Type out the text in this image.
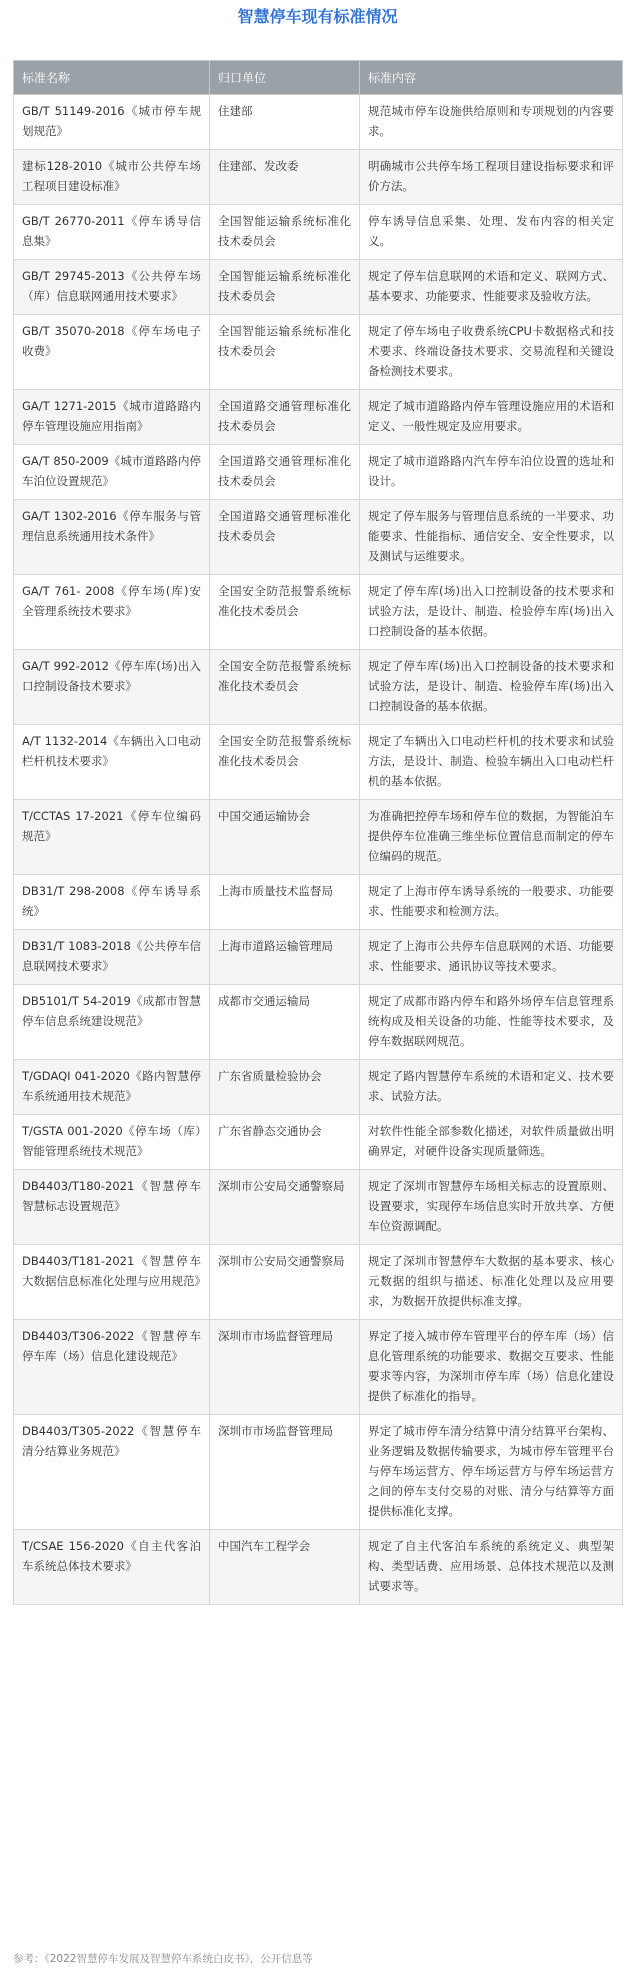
智慧停车现有标准情况
标准名称	归口单位	标准内容
GB/T 51149-2016《城市停车规划规范》	住建部	规范城市停车设施供给原则和专项规划的内容要求。
建标128-2010《城市公共停车场工程项目建设标准》	住建部、发改委	明确城市公共停车场工程项目建设指标要求和评价方法。
GB/T 26770-2011《停车诱导信息集》	全国智能运输系统标准化技术委员会	停车诱导信息采集、处理、发布内容的相关定义。
GB/T 29745-2013《公共停车场（库）信息联网通用技术要求》	全国智能运输系统标准化技术委员会	规定了停车信息联网的术语和定义、联网方式、基本要求、功能要求、性能要求及验收方法。
GB/T 35070-2018《停车场电子收费》	全国智能运输系统标准化技术委员会	规定了停车场电子收费系统CPU卡数据格式和技术要求、终端设备技术要求、交易流程和关键设备检测技术要求。
GA/T 1271-2015《城市道路路内停车管理设施应用指南》	全国道路交通管理标准化技术委员会	规定了城市道路路内停车管理设施应用的术语和定义、一般性规定及应用要求。
GA/T 850-2009《城市道路路内停车泊位设置规范》	全国道路交通管理标准化技术委员会	规定了城市道路路内汽车停车泊位设置的选址和设计。
GA/T 1302-2016《停车服务与管理信息系统通用技术条件》	全国道路交通管理标准化技术委员会	规定了停车服务与管理信息系统的一半要求、功能要求、性能指标、通信安全、安全性要求，以及测试与运维要求。
GA/T 761- 2008《停车场(库)安全管理系统技术要求》	全国安全防范报警系统标准化技术委员会	规定了停车库(场)出入口控制设备的技术要求和试验方法，是设计、制造、检验停车库(场)出入口控制设备的基本依据。
GA/T 992-2012《停车库(场)出入口控制设备技术要求》	全国安全防范报警系统标准化技术委员会	规定了停车库(场)出入口控制设备的技术要求和试验方法，是设计、制造、检验停车库(场)出入口控制设备的基本依据。
A/T 1132-2014《车辆出入口电动栏杆机技术要求》	全国安全防范报警系统标准化技术委员会	规定了车辆出入口电动栏杆机的技术要求和试验方法，是设计、制造、检验车辆出入口电动栏杆机的基本依据。
T/CCTAS 17-2021《停车位编码规范》	中国交通运输协会	为准确把控停车场和停车位的数据，为智能泊车提供停车位准确三维坐标位置信息而制定的停车位编码的规范。
DB31/T 298-2008《停车诱导系统》	上海市质量技术监督局	规定了上海市停车诱导系统的一般要求、功能要求、性能要求和检测方法。
DB31/T 1083-2018《公共停车信息联网技术要求》	上海市道路运输管理局	规定了上海市公共停车信息联网的术语、功能要求、性能要求、通讯协议等技术要求。
DB5101/T 54-2019《成都市智慧停车信息系统建设规范》	成都市交通运输局	规定了成都市路内停车和路外场停车信息管理系统构成及相关设备的功能、性能等技术要求，及停车数据联网规范。
T/GDAQI 041-2020《路内智慧停车系统通用技术规范》	广东省质量检验协会	规定了路内智慧停车系统的术语和定义、技术要求、试验方法。
T/GSTA 001-2020《停车场（库）智能管理系统技术规范》	广东省静态交通协会	对软件性能全部参数化描述，对软件质量做出明确界定，对硬件设备实现质量筛选。
DB4403/T180-2021《智慧停车智慧标志设置规范》	深圳市公安局交通警察局	规定了深圳市智慧停车场相关标志的设置原则、设置要求，实现停车场信息实时开放共享、方便车位资源调配。
DB4403/T181-2021《智慧停车大数据信息标准化处理与应用规范》	深圳市公安局交通警察局	规定了深圳市智慧停车大数据的基本要求、核心元数据的组织与描述、标准化处理以及应用要求，为数据开放提供标准支撑。
DB4403/T306-2022《智慧停车 停车库（场）信息化建设规范》	深圳市市场监督管理局	界定了接入城市停车管理平台的停车库（场）信息化管理系统的功能要求、数据交互要求、性能要求等内容，为深圳市停车库（场）信息化建设提供了标准化的指导。
DB4403/T305-2022《智慧停车 清分结算业务规范》	深圳市市场监督管理局	界定了城市停车清分结算中清分结算平台架构、业务逻辑及数据传输要求，为城市停车管理平台与停车场运营方、停车场运营方与停车场运营方之间的停车支付交易的对账、清分与结算等方面提供标准化支撑。
T/CSAE 156-2020《自主代客泊车系统总体技术要求》	中国汽车工程学会	规定了自主代客泊车系统的系统定义、典型架构、类型话费、应用场景、总体技术规范以及测试要求等。
参考：《2022智慧停车发展及智慧停车系统白皮书》，公开信息等
